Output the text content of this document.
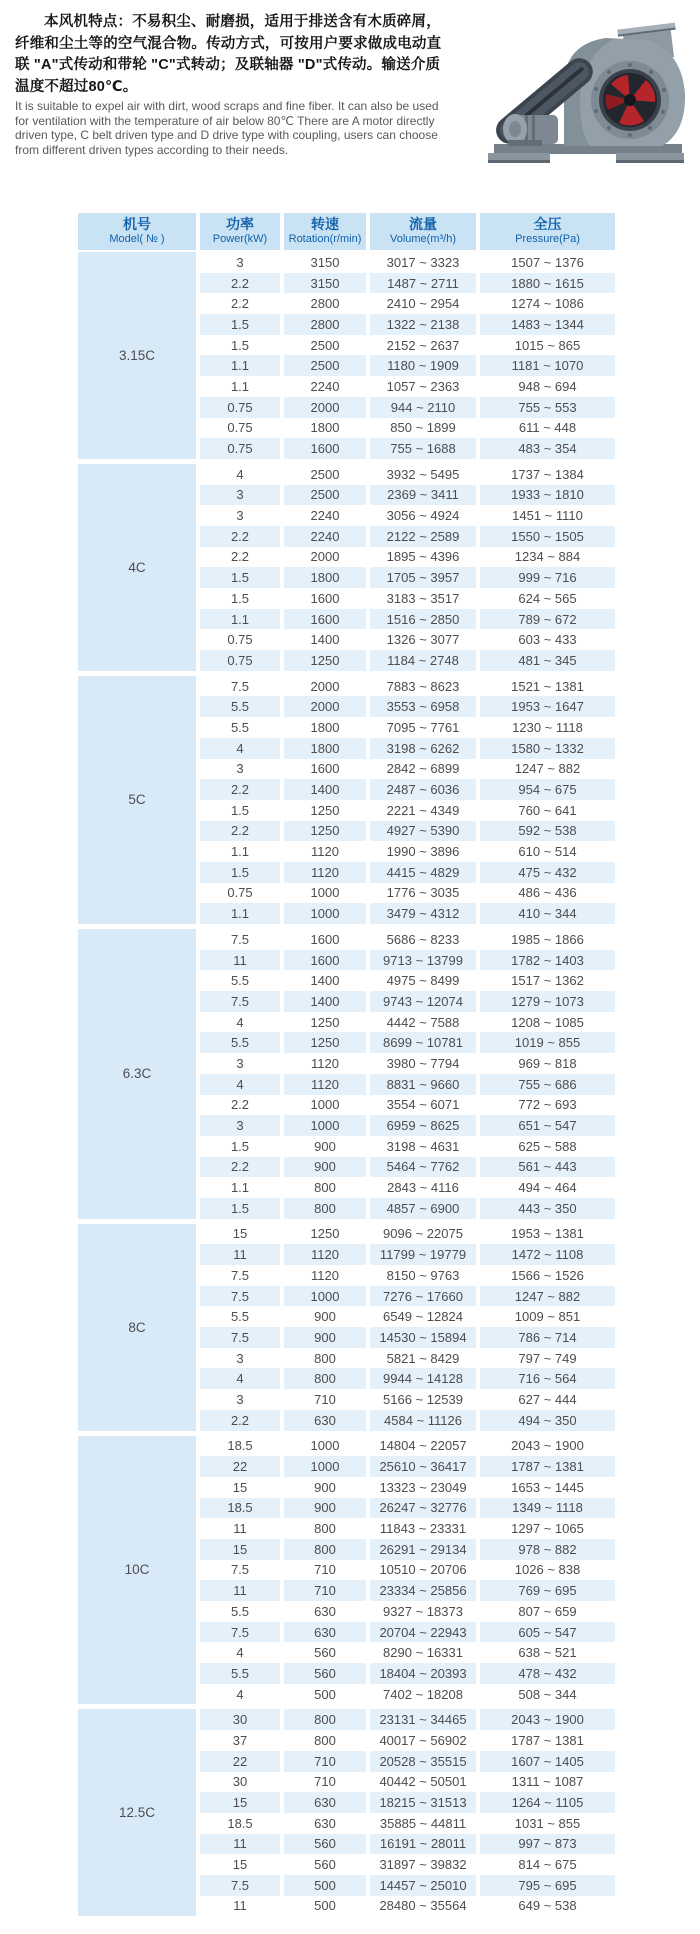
本风机特点：不易积尘、耐磨损，适用于排送含有木质碎屑，纤维和尘土等的空气混合物。传动方式，可按用户要求做成电动直联 "A"式传动和带轮 "C"式转动；及联轴器 "D"式传动。输送介质温度不超过80℃。

It is suitable to expel air with dirt, wood scraps and fine fiber. It can also be used for ventilation with the temperature of air below 80℃ There are A motor directly driven type, C belt driven type and D drive type with coupling, users can choose from different driven types according to their needs.

机号
Model( № )
功率
Power(kW)
转速
Rotation(r/min)
流量
Volume(m³/h)
全压
Pressure(Pa)
3.15C
3	3150	3017 ~ 3323	1507 ~ 1376
2.2	3150	1487 ~ 2711	1880 ~ 1615
2.2	2800	2410 ~ 2954	1274 ~ 1086
1.5	2800	1322 ~ 2138	1483 ~ 1344
1.5	2500	2152 ~ 2637	1015 ~ 865
1.1	2500	1180 ~ 1909	1181 ~ 1070
1.1	2240	1057 ~ 2363	948 ~ 694
0.75	2000	944 ~ 2110	755 ~ 553
0.75	1800	850 ~ 1899	611 ~ 448
0.75	1600	755 ~ 1688	483 ~ 354
4C
4	2500	3932 ~ 5495	1737 ~ 1384
3	2500	2369 ~ 3411	1933 ~ 1810
3	2240	3056 ~ 4924	1451 ~ 1110
2.2	2240	2122 ~ 2589	1550 ~ 1505
2.2	2000	1895 ~ 4396	1234 ~ 884
1.5	1800	1705 ~ 3957	999 ~ 716
1.5	1600	3183 ~ 3517	624 ~ 565
1.1	1600	1516 ~ 2850	789 ~ 672
0.75	1400	1326 ~ 3077	603 ~ 433
0.75	1250	1184 ~ 2748	481 ~ 345
5C
7.5	2000	7883 ~ 8623	1521 ~ 1381
5.5	2000	3553 ~ 6958	1953 ~ 1647
5.5	1800	7095 ~ 7761	1230 ~ 1118
4	1800	3198 ~ 6262	1580 ~ 1332
3	1600	2842 ~ 6899	1247 ~ 882
2.2	1400	2487 ~ 6036	954 ~ 675
1.5	1250	2221 ~ 4349	760 ~ 641
2.2	1250	4927 ~ 5390	592 ~ 538
1.1	1120	1990 ~ 3896	610 ~ 514
1.5	1120	4415 ~ 4829	475 ~ 432
0.75	1000	1776 ~ 3035	486 ~ 436
1.1	1000	3479 ~ 4312	410 ~ 344
6.3C
7.5	1600	5686 ~ 8233	1985 ~ 1866
11	1600	9713 ~ 13799	1782 ~ 1403
5.5	1400	4975 ~ 8499	1517 ~ 1362
7.5	1400	9743 ~ 12074	1279 ~ 1073
4	1250	4442 ~ 7588	1208 ~ 1085
5.5	1250	8699 ~ 10781	1019 ~ 855
3	1120	3980 ~ 7794	969 ~ 818
4	1120	8831 ~ 9660	755 ~ 686
2.2	1000	3554 ~ 6071	772 ~ 693
3	1000	6959 ~ 8625	651 ~ 547
1.5	900	3198 ~ 4631	625 ~ 588
2.2	900	5464 ~ 7762	561 ~ 443
1.1	800	2843 ~ 4116	494 ~ 464
1.5	800	4857 ~ 6900	443 ~ 350
8C
15	1250	9096 ~ 22075	1953 ~ 1381
11	1120	11799 ~ 19779	1472 ~ 1108
7.5	1120	8150 ~ 9763	1566 ~ 1526
7.5	1000	7276 ~ 17660	1247 ~ 882
5.5	900	6549 ~ 12824	1009 ~ 851
7.5	900	14530 ~ 15894	786 ~ 714
3	800	5821 ~ 8429	797 ~ 749
4	800	9944 ~ 14128	716 ~ 564
3	710	5166 ~ 12539	627 ~ 444
2.2	630	4584 ~ 11126	494 ~ 350
10C
18.5	1000	14804 ~ 22057	2043 ~ 1900
22	1000	25610 ~ 36417	1787 ~ 1381
15	900	13323 ~ 23049	1653 ~ 1445
18.5	900	26247 ~ 32776	1349 ~ 1118
11	800	11843 ~ 23331	1297 ~ 1065
15	800	26291 ~ 29134	978 ~ 882
7.5	710	10510 ~ 20706	1026 ~ 838
11	710	23334 ~ 25856	769 ~ 695
5.5	630	9327 ~ 18373	807 ~ 659
7.5	630	20704 ~ 22943	605 ~ 547
4	560	8290 ~ 16331	638 ~ 521
5.5	560	18404 ~ 20393	478 ~ 432
4	500	7402 ~ 18208	508 ~ 344
12.5C
30	800	23131 ~ 34465	2043 ~ 1900
37	800	40017 ~ 56902	1787 ~ 1381
22	710	20528 ~ 35515	1607 ~ 1405
30	710	40442 ~ 50501	1311 ~ 1087
15	630	18215 ~ 31513	1264 ~ 1105
18.5	630	35885 ~ 44811	1031 ~ 855
11	560	16191 ~ 28011	997 ~ 873
15	560	31897 ~ 39832	814 ~ 675
7.5	500	14457 ~ 25010	795 ~ 695
11	500	28480 ~ 35564	649 ~ 538
